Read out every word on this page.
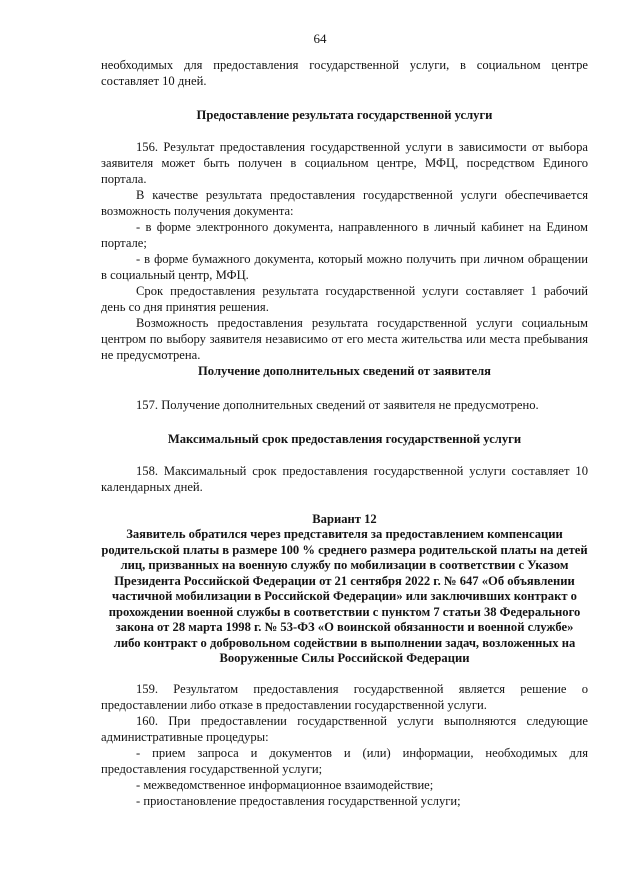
64

необходимых для предоставления государственной услуги, в социальном центре составляет 10 дней.

Предоставление результата государственной услуги

156. Результат предоставления государственной услуги в зависимости от выбора заявителя может быть получен в социальном центре, МФЦ, посредством Единого портала.

В качестве результата предоставления государственной услуги обеспечивается возможность получения документа:

- в форме электронного документа, направленного в личный кабинет на Едином портале;

- в форме бумажного документа, который можно получить при личном обращении в социальный центр, МФЦ.

Срок предоставления результата государственной услуги составляет 1 рабочий день со дня принятия решения.

Возможность предоставления результата государственной услуги социальным центром по выбору заявителя независимо от его места жительства или места пребывания не предусмотрена.

Получение дополнительных сведений от заявителя

157. Получение дополнительных сведений от заявителя не предусмотрено.

Максимальный срок предоставления государственной услуги

158. Максимальный срок предоставления государственной услуги составляет 10 календарных дней.

Вариант 12

Заявитель обратился через представителя за предоставлением компенсации родительской платы в размере 100 % среднего размера родительской платы на детей лиц, призванных на военную службу по мобилизации в соответствии с Указом Президента Российской Федерации от 21 сентября 2022 г. № 647 «Об объявлении частичной мобилизации в Российской Федерации» или заключивших контракт о прохождении военной службы в соответствии с пунктом 7 статьи 38 Федерального закона от 28 марта 1998 г. № 53-ФЗ «О воинской обязанности и военной службе» либо контракт о добровольном содействии в выполнении задач, возложенных на Вооруженные Силы Российской Федерации

159. Результатом предоставления государственной является решение о предоставлении либо отказе в предоставлении государственной услуги.

160. При предоставлении государственной услуги выполняются следующие административные процедуры:

- прием запроса и документов и (или) информации, необходимых для предоставления государственной услуги;

- межведомственное информационное взаимодействие;

- приостановление предоставления государственной услуги;
